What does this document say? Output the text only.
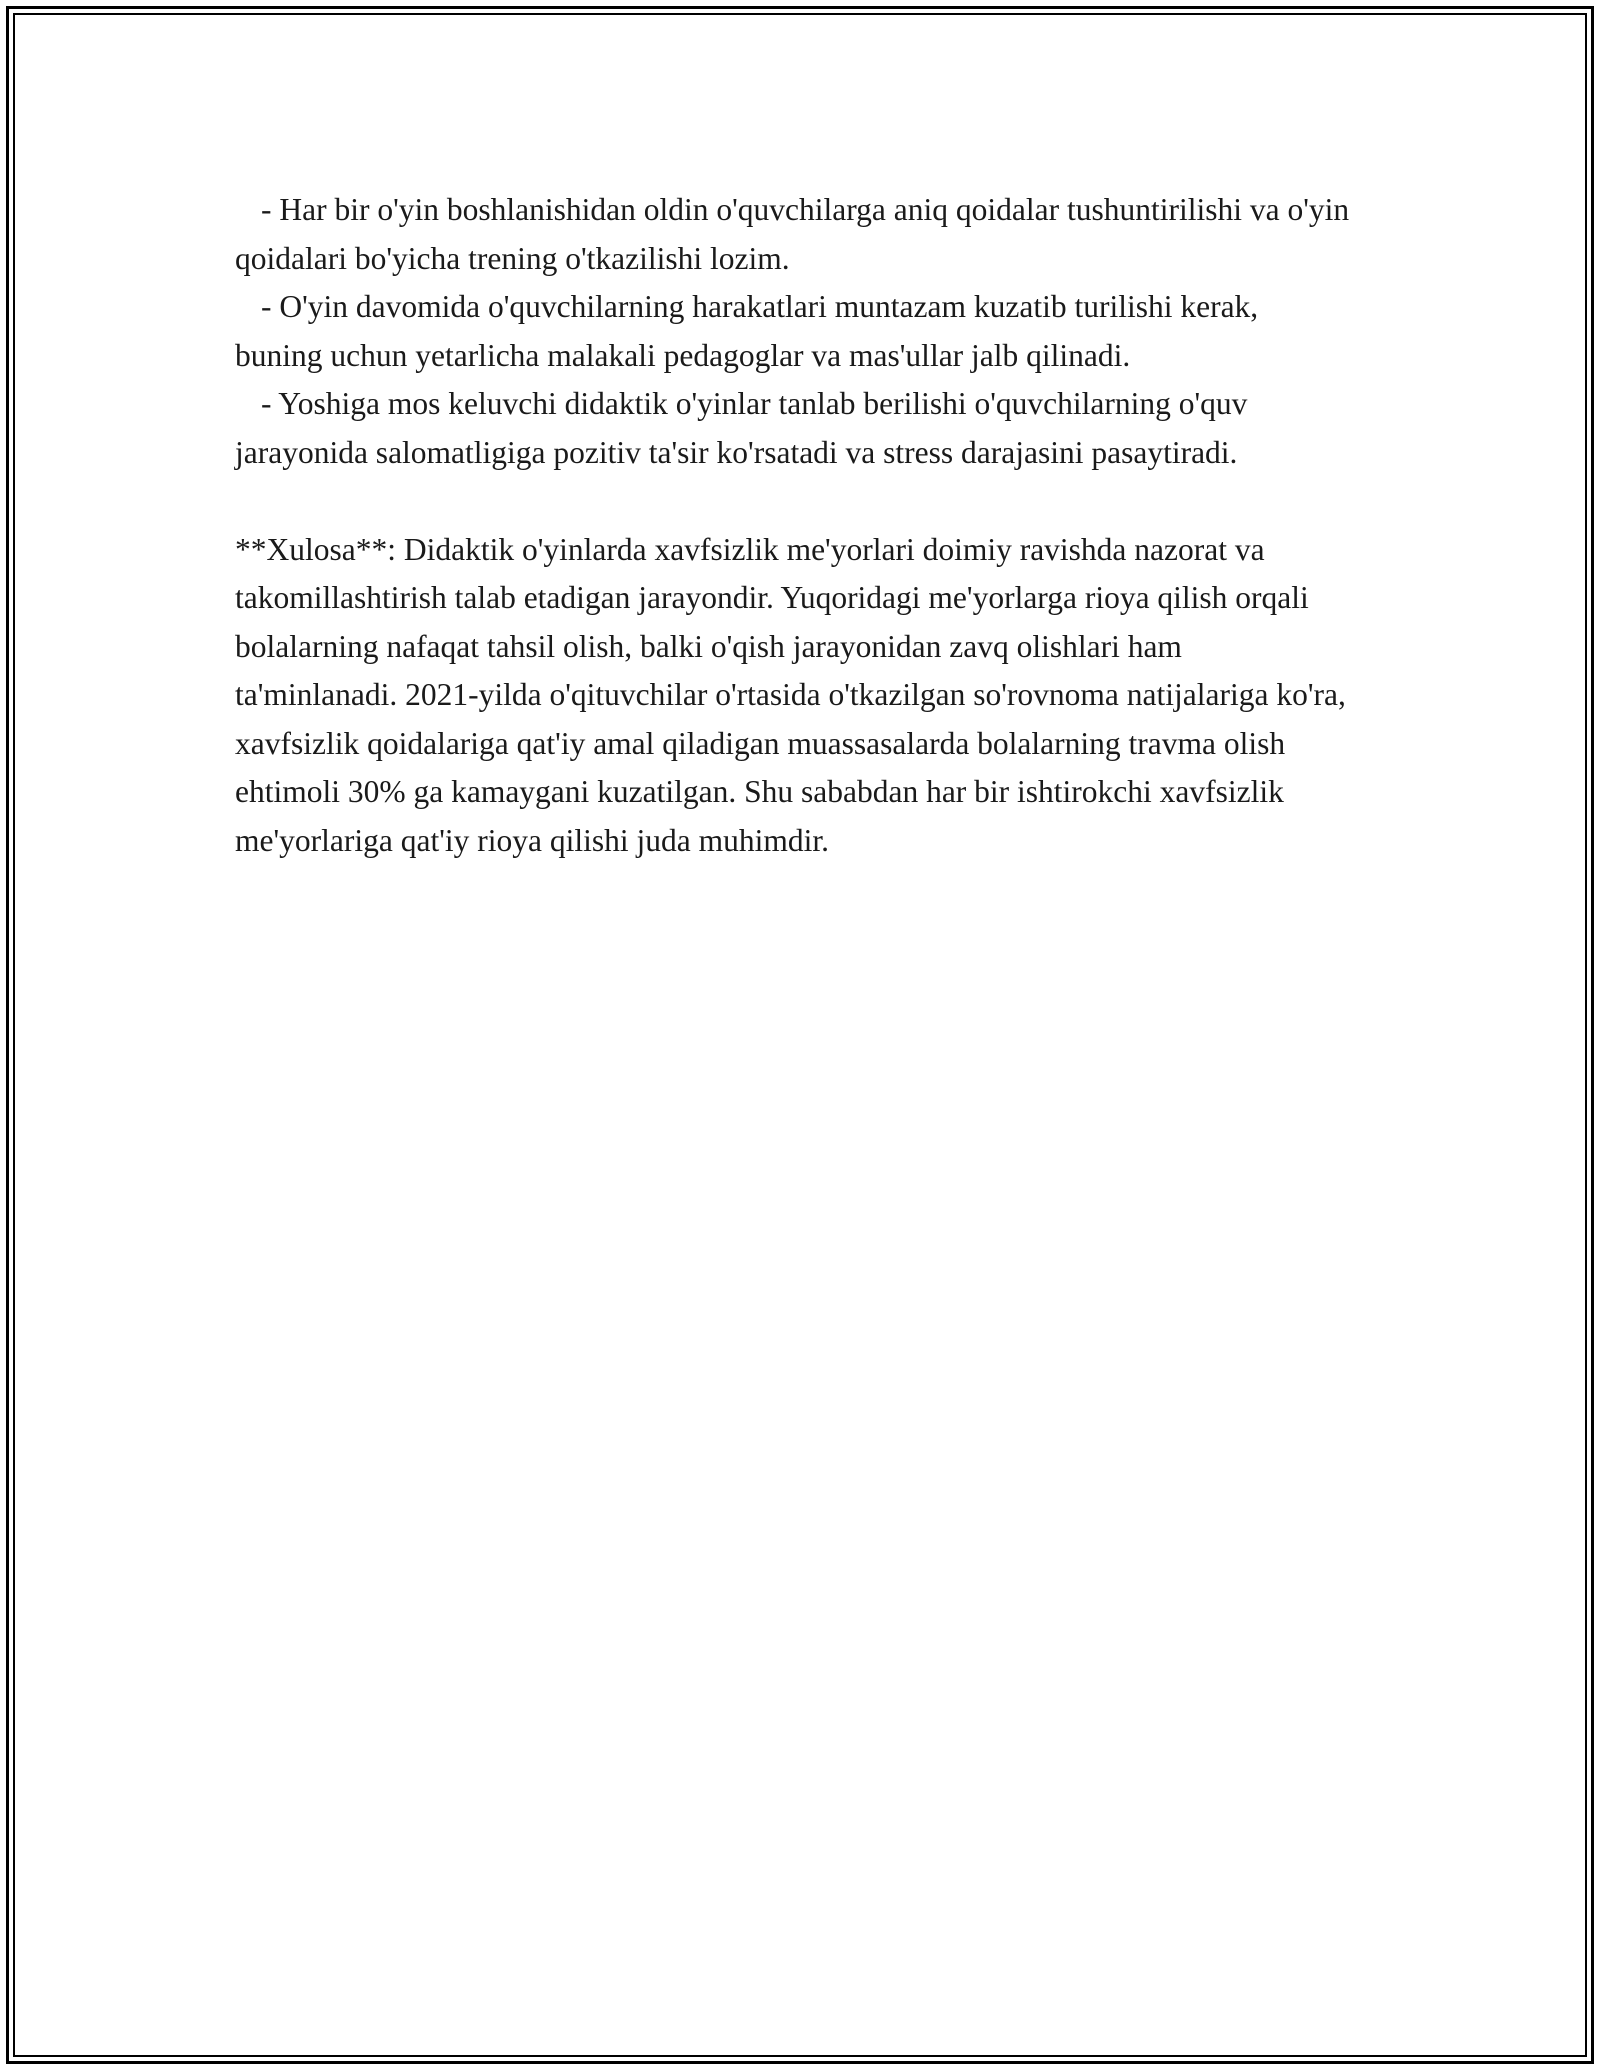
- Har bir o'yin boshlanishidan oldin o'quvchilarga aniq qoidalar tushuntirilishi va o'yin qoidalari bo'yicha trening o'tkazilishi lozim.

- O'yin davomida o'quvchilarning harakatlari muntazam kuzatib turilishi kerak, buning uchun yetarlicha malakali pedagoglar va mas'ullar jalb qilinadi.

- Yoshiga mos keluvchi didaktik o'yinlar tanlab berilishi o'quvchilarning o'quv jarayonida salomatligiga pozitiv ta'sir ko'rsatadi va stress darajasini pasaytiradi.

**Xulosa**: Didaktik o'yinlarda xavfsizlik me'yorlari doimiy ravishda nazorat va takomillashtirish talab etadigan jarayondir. Yuqoridagi me'yorlarga rioya qilish orqali bolalarning nafaqat tahsil olish, balki o'qish jarayonidan zavq olishlari ham ta'minlanadi. 2021-yilda o'qituvchilar o'rtasida o'tkazilgan so'rovnoma natijalariga ko'ra, xavfsizlik qoidalariga qat'iy amal qiladigan muassasalarda bolalarning travma olish ehtimoli 30% ga kamaygani kuzatilgan. Shu sababdan har bir ishtirokchi xavfsizlik me'yorlariga qat'iy rioya qilishi juda muhimdir.
